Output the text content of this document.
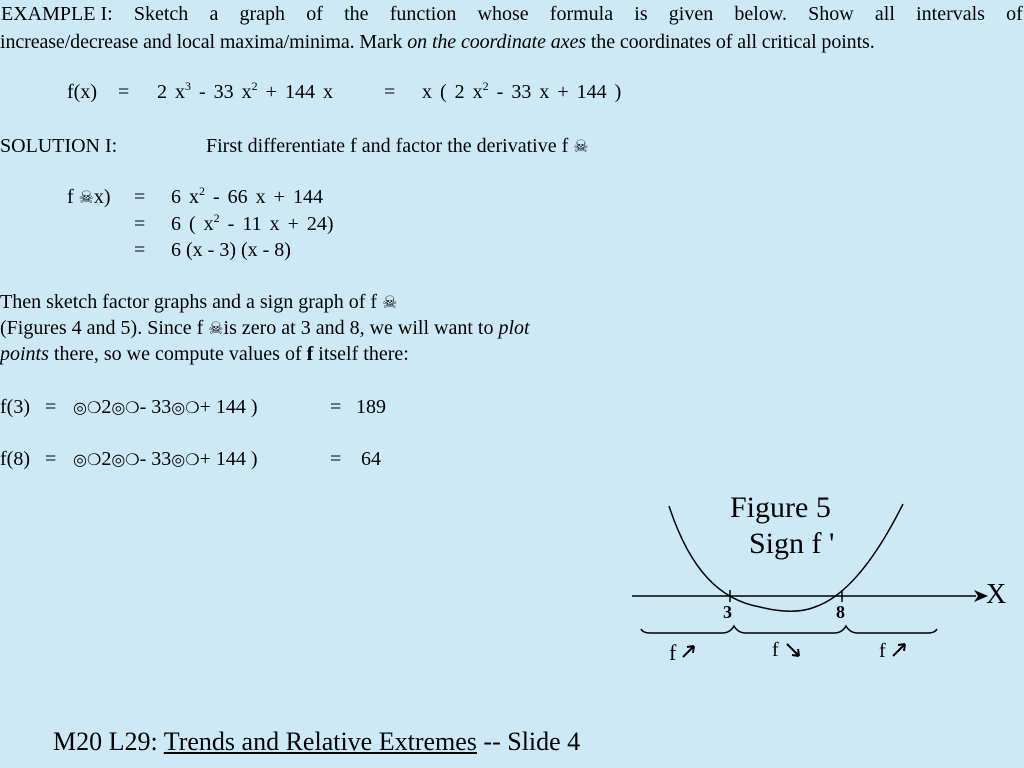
EXAMPLE I: Sketch a graph of the function whose formula is given below. Show all intervals of
increase/decrease and local maxima/minima. Mark on the coordinate axes the coordinates of all critical points.
f(x) = 2 $x^3 - 33$ $x^2 + 144$ x	= x ( 2 $x^2 - 33$ x + 144 )
SOLUTION I:	First differentiate f and factor the derivative f ☠
f ☠x) = 6 $x^2 - 66$ x + 144
= 6 ( $x^2 - 11$ x + 24)
= 6 (x - 3) (x - 8)
Then sketch factor graphs and a sign graph of f ☠
(Figures 4 and 5). Since f ☠is zero at 3 and 8, we will want to plot
points there, so we compute values of f itself there:
f(3) = ◎❍2◎❍- 33◎❍+ 144 )	= 189
f(8) = ◎❍2◎❍- 33◎❍+ 144 )	= 64
Figure 5
Sign f '
X
3	8
f	f	f
M20 L29: Trends and Relative Extremes -- Slide 4
